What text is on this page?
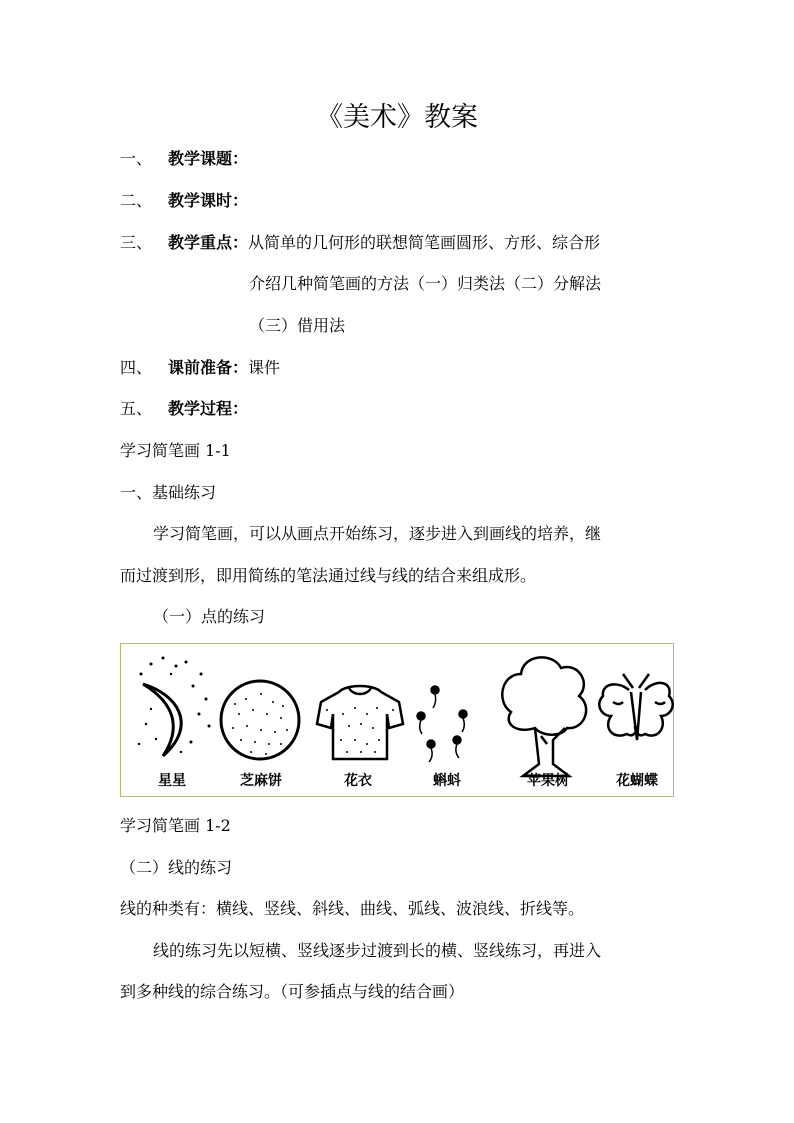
《美术》教案
一、 教学课题：
二、 教学课时：
三、 教学重点：从简单的几何形的联想简笔画圆形、方形、综合形
介绍几种简笔画的方法（一）归类法（二）分解法
（三）借用法
四、 课前准备：课件
五、 教学过程：
学习简笔画 1-1
一、基础练习
学习简笔画，可以从画点开始练习，逐步进入到画线的培养，继
而过渡到形，即用简练的笔法通过线与线的结合来组成形。
（一）点的练习
星星	芝麻饼	花衣	蝌蚪	苹果树	花蝴蝶
学习简笔画 1-2
（二）线的练习
线的种类有：横线、竖线、斜线、曲线、弧线、波浪线、折线等。
线的练习先以短横、竖线逐步过渡到长的横、竖线练习，再进入
到多种线的综合练习。（可参插点与线的结合画）
